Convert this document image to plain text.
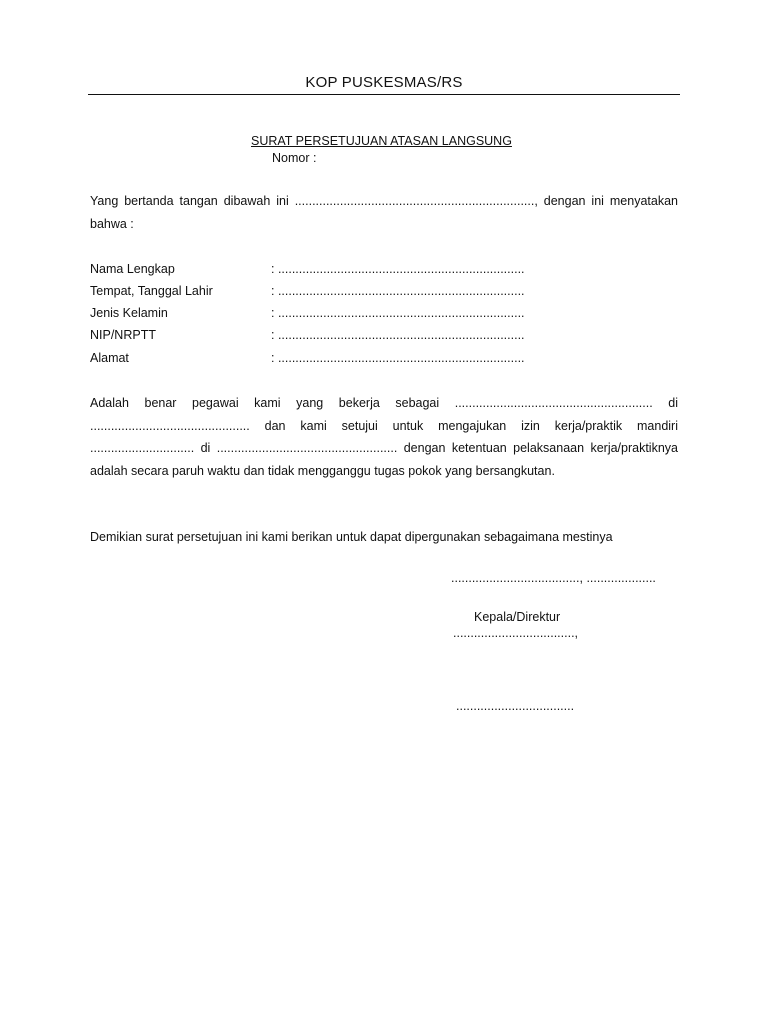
KOP PUSKESMAS/RS
SURAT PERSETUJUAN ATASAN LANGSUNG
Nomor :
Yang bertanda tangan dibawah ini ....................................................................., dengan ini menyatakan bahwa :
Nama Lengkap	: .......................................................................
Tempat, Tanggal Lahir	: .......................................................................
Jenis Kelamin	: .......................................................................
NIP/NRPTT	: .......................................................................
Alamat	: .......................................................................
Adalah benar pegawai kami yang bekerja sebagai ......................................................... di .............................................. dan kami setujui untuk mengajukan izin kerja/praktik mandiri .............................. di .................................................... dengan ketentuan pelaksanaan kerja/praktiknya adalah secara paruh waktu dan tidak mengganggu tugas pokok yang bersangkutan.
Demikian surat persetujuan ini kami berikan untuk dapat dipergunakan sebagaimana mestinya
....................................., ....................
Kepala/Direktur
...................................,
..................................
